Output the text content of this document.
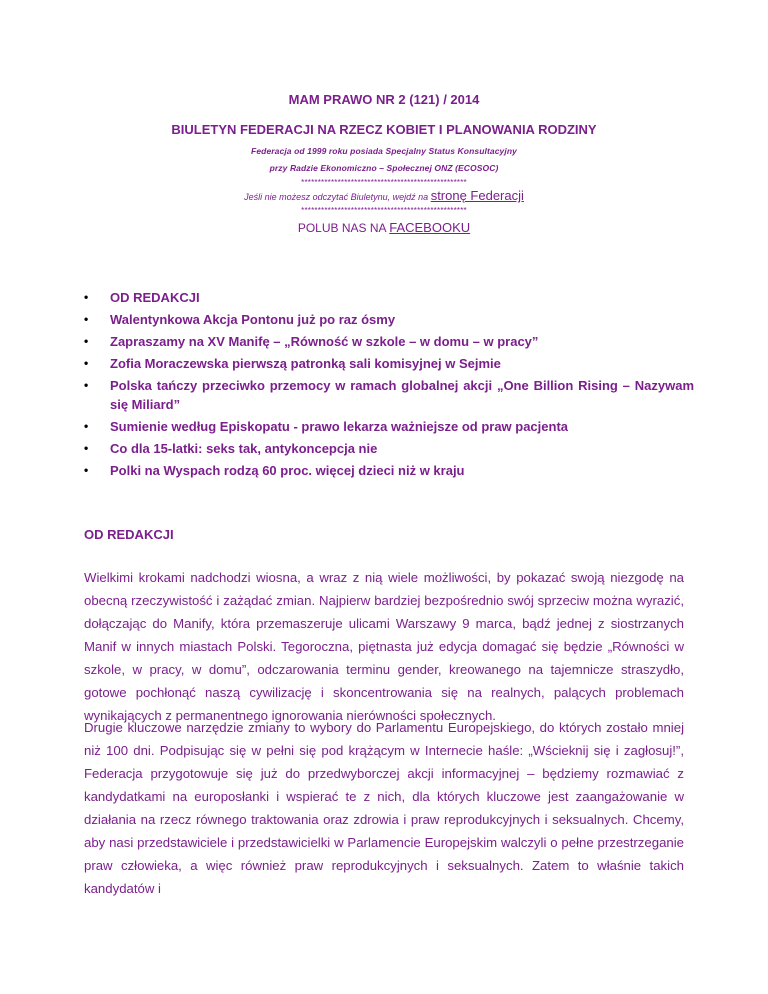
MAM PRAWO NR 2 (121) / 2014
BIULETYN FEDERACJI NA RZECZ KOBIET I PLANOWANIA RODZINY
Federacja od 1999 roku posiada Specjalny Status Konsultacyjny
przy Radzie Ekonomiczno – Społecznej ONZ (ECOSOC)
**************************************************
Jeśli nie możesz odczytać Biuletynu, wejdź na stronę Federacji
**************************************************
POLUB NAS NA FACEBOOKU
• OD REDAKCJI
• Walentynkowa Akcja Pontonu już po raz ósmy
• Zapraszamy na XV Manifę – „Równość w szkole – w domu – w pracy”
• Zofia Moraczewska pierwszą patronką sali komisyjnej w Sejmie
• Polska tańczy przeciwko przemocy w ramach globalnej akcji „One Billion Rising – Nazywam się Miliard”
• Sumienie według Episkopatu - prawo lekarza ważniejsze od praw pacjenta
• Co dla 15-latki: seks tak, antykoncepcja nie
• Polki na Wyspach rodzą 60 proc. więcej dzieci niż w kraju
OD REDAKCJI

Wielkimi krokami nadchodzi wiosna, a wraz z nią wiele możliwości, by pokazać swoją niezgodę na obecną rzeczywistość i zażądać zmian. Najpierw bardziej bezpośrednio swój sprzeciw można wyrazić, dołączając do Manify, która przemaszeruje ulicami Warszawy 9 marca, bądź jednej z siostrzanych Manif w innych miastach Polski. Tegoroczna, piętnasta już edycja domagać się będzie „Równości w szkole, w pracy, w domu”, odczarowania terminu gender, kreowanego na tajemnicze straszydło, gotowe pochłonąć naszą cywilizację i skoncentrowania się na realnych, palących problemach wynikających z permanentnego ignorowania nierówności społecznych.

Drugie kluczowe narzędzie zmiany to wybory do Parlamentu Europejskiego, do których zostało mniej niż 100 dni. Podpisując się w pełni się pod krążącym w Internecie haśle: „Wścieknij się i zagłosuj!”, Federacja przygotowuje się już do przedwyborczej akcji informacyjnej – będziemy rozmawiać z kandydatkami na europosłanki i wspierać te z nich, dla których kluczowe jest zaangażowanie w działania na rzecz równego traktowania oraz zdrowia i praw reprodukcyjnych i seksualnych. Chcemy, aby nasi przedstawiciele i przedstawicielki w Parlamencie Europejskim walczyli o pełne przestrzeganie praw człowieka, a więc również praw reprodukcyjnych i seksualnych. Zatem to właśnie takich kandydatów i
